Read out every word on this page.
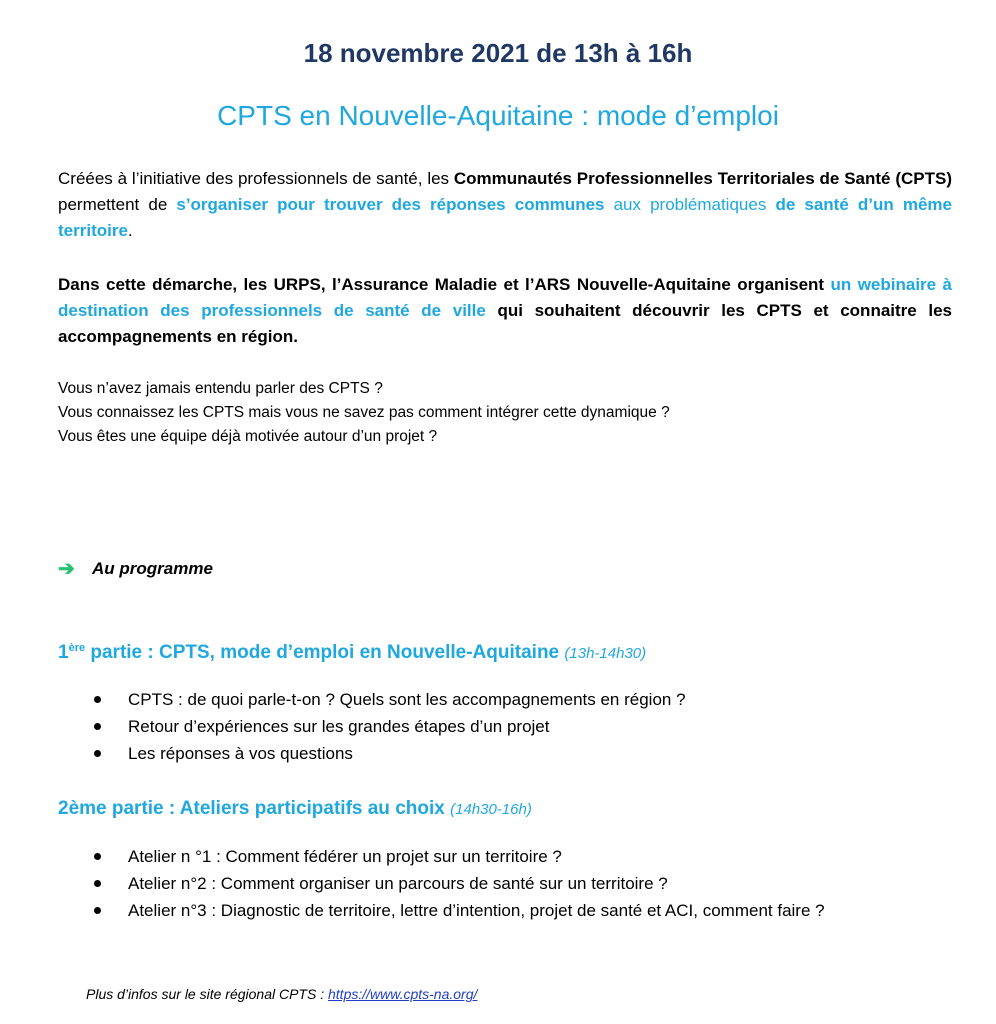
18 novembre 2021 de 13h à 16h
CPTS en Nouvelle-Aquitaine : mode d’emploi
Créées à l’initiative des professionnels de santé, les Communautés Professionnelles Territoriales de Santé (CPTS) permettent de s’organiser pour trouver des réponses communes aux problématiques de santé d’un même territoire.
Dans cette démarche, les URPS, l’Assurance Maladie et l’ARS Nouvelle-Aquitaine organisent un webinaire à destination des professionnels de santé de ville qui souhaitent découvrir les CPTS et connaitre les accompagnements en région.
Vous n’avez jamais entendu parler des CPTS ?
Vous connaissez les CPTS mais vous ne savez pas comment intégrer cette dynamique ?
Vous êtes une équipe déjà motivée autour d’un projet ?
➔	Au programme
1ère partie : CPTS, mode d’emploi en Nouvelle-Aquitaine (13h-14h30)
CPTS : de quoi parle-t-on ? Quels sont les accompagnements en région ?
Retour d’expériences sur les grandes étapes d’un projet
Les réponses à vos questions
2ème partie : Ateliers participatifs au choix (14h30-16h)
Atelier n °1 : Comment fédérer un projet sur un territoire ?
Atelier n°2 : Comment organiser un parcours de santé sur un territoire ?
Atelier n°3 : Diagnostic de territoire, lettre d’intention, projet de santé et ACI, comment faire ?
Plus d’infos sur le site régional CPTS : https://www.cpts-na.org/
